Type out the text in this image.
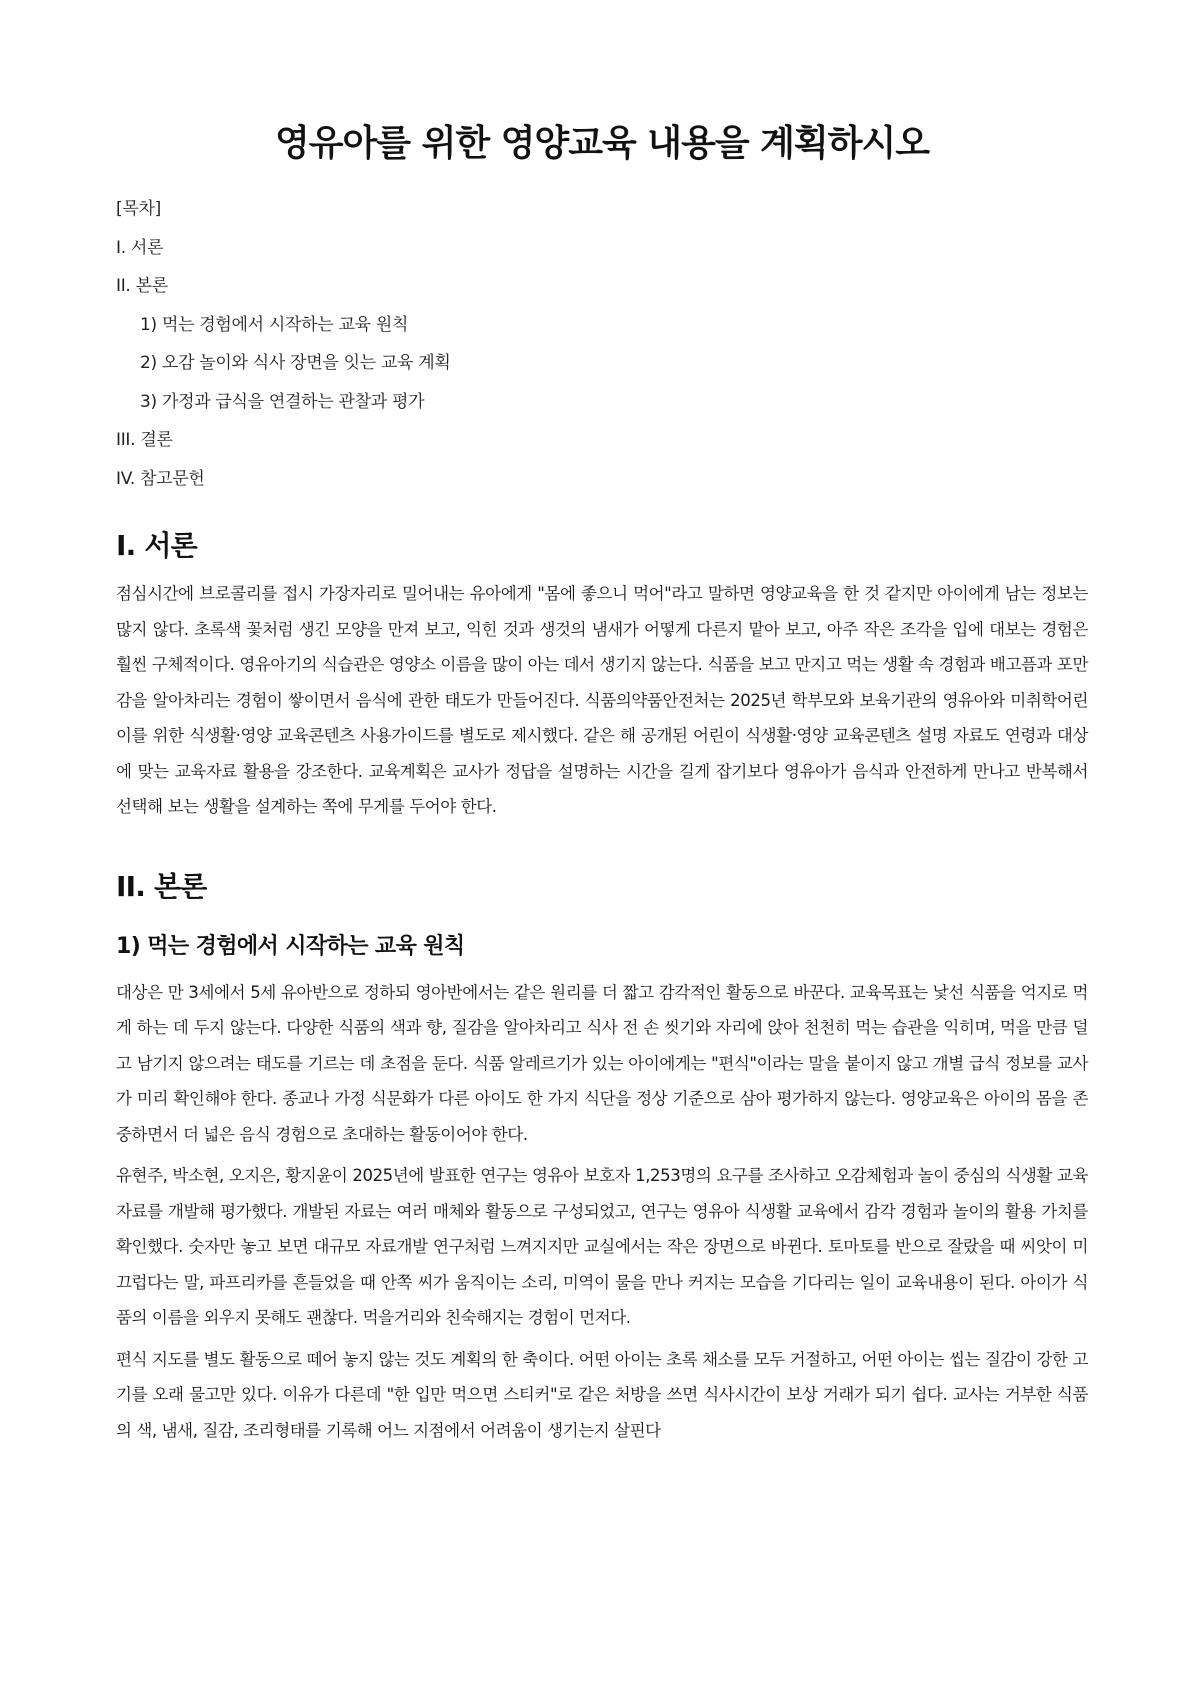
영유아를 위한 영양교육 내용을 계획하시오
[목차]
I. 서론
II. 본론
1) 먹는 경험에서 시작하는 교육 원칙
2) 오감 놀이와 식사 장면을 잇는 교육 계획
3) 가정과 급식을 연결하는 관찰과 평가
III. 결론
IV. 참고문헌
I. 서론

점심시간에 브로콜리를 접시 가장자리로 밀어내는 유아에게 "몸에 좋으니 먹어"라고 말하면 영양교육을 한 것 같지만 아이에게 남는 정보는 많지 않다. 초록색 꽃처럼 생긴 모양을 만져 보고, 익힌 것과 생것의 냄새가 어떻게 다른지 맡아 보고, 아주 작은 조각을 입에 대보는 경험은 훨씬 구체적이다. 영유아기의 식습관은 영양소 이름을 많이 아는 데서 생기지 않는다. 식품을 보고 만지고 먹는 생활 속 경험과 배고픔과 포만감을 알아차리는 경험이 쌓이면서 음식에 관한 태도가 만들어진다. 식품의약품안전처는 2025년 학부모와 보육기관의 영유아와 미취학어린이를 위한 식생활·영양 교육콘텐츠 사용가이드를 별도로 제시했다. 같은 해 공개된 어린이 식생활·영양 교육콘텐츠 설명 자료도 연령과 대상에 맞는 교육자료 활용을 강조한다. 교육계획은 교사가 정답을 설명하는 시간을 길게 잡기보다 영유아가 음식과 안전하게 만나고 반복해서 선택해 보는 생활을 설계하는 쪽에 무게를 두어야 한다.

II. 본론
1) 먹는 경험에서 시작하는 교육 원칙

대상은 만 3세에서 5세 유아반으로 정하되 영아반에서는 같은 원리를 더 짧고 감각적인 활동으로 바꾼다. 교육목표는 낯선 식품을 억지로 먹게 하는 데 두지 않는다. 다양한 식품의 색과 향, 질감을 알아차리고 식사 전 손 씻기와 자리에 앉아 천천히 먹는 습관을 익히며, 먹을 만큼 덜고 남기지 않으려는 태도를 기르는 데 초점을 둔다. 식품 알레르기가 있는 아이에게는 "편식"이라는 말을 붙이지 않고 개별 급식 정보를 교사가 미리 확인해야 한다. 종교나 가정 식문화가 다른 아이도 한 가지 식단을 정상 기준으로 삼아 평가하지 않는다. 영양교육은 아이의 몸을 존중하면서 더 넓은 음식 경험으로 초대하는 활동이어야 한다.

유현주, 박소현, 오지은, 황지윤이 2025년에 발표한 연구는 영유아 보호자 1,253명의 요구를 조사하고 오감체험과 놀이 중심의 식생활 교육자료를 개발해 평가했다. 개발된 자료는 여러 매체와 활동으로 구성되었고, 연구는 영유아 식생활 교육에서 감각 경험과 놀이의 활용 가치를 확인했다. 숫자만 놓고 보면 대규모 자료개발 연구처럼 느껴지지만 교실에서는 작은 장면으로 바뀐다. 토마토를 반으로 잘랐을 때 씨앗이 미끄럽다는 말, 파프리카를 흔들었을 때 안쪽 씨가 움직이는 소리, 미역이 물을 만나 커지는 모습을 기다리는 일이 교육내용이 된다. 아이가 식품의 이름을 외우지 못해도 괜찮다. 먹을거리와 친숙해지는 경험이 먼저다.

편식 지도를 별도 활동으로 떼어 놓지 않는 것도 계획의 한 축이다. 어떤 아이는 초록 채소를 모두 거절하고, 어떤 아이는 씹는 질감이 강한 고기를 오래 물고만 있다. 이유가 다른데 "한 입만 먹으면 스티커"로 같은 처방을 쓰면 식사시간이 보상 거래가 되기 쉽다. 교사는 거부한 식품의 색, 냄새, 질감, 조리형태를 기록해 어느 지점에서 어려움이 생기는지 살핀다
